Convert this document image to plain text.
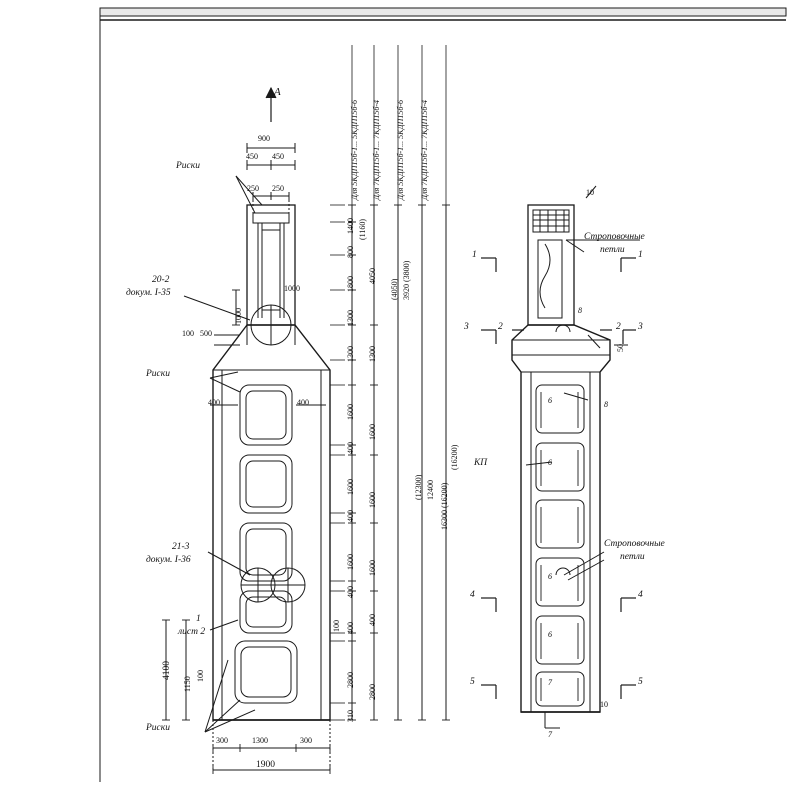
А
900
450 450
250 250
Риски
Риски
Риски
20-2
докум. I-35
21-3
докум. I-36
1
лист 2
1000
1000
100 500
400	400
4100
1150
100
1400
800
1800
1300
1300
1600
400
1600
400
1600
400
400
100
2800
310
4050
1300
1600
1600
1600
400
2800
(1160)
(4050)
(12300)
(16200)
3920 (3800)
12400 16300 (16200)
Для 5КДП15б-1... 5КДП15б-6 Для 7КДП15б-1... 7КДП15б-4 Для 5КДП15б-1... 5КДП15б-6 Для 7КДП15б-1... 7КДП15б-4
300	1300	300
1900
Строповочные
петли
Строповочные
петли
КП
1	1
3	3
2	2
4	4
5	5
8
8
6
6
6
6
7
7
10
50
10
